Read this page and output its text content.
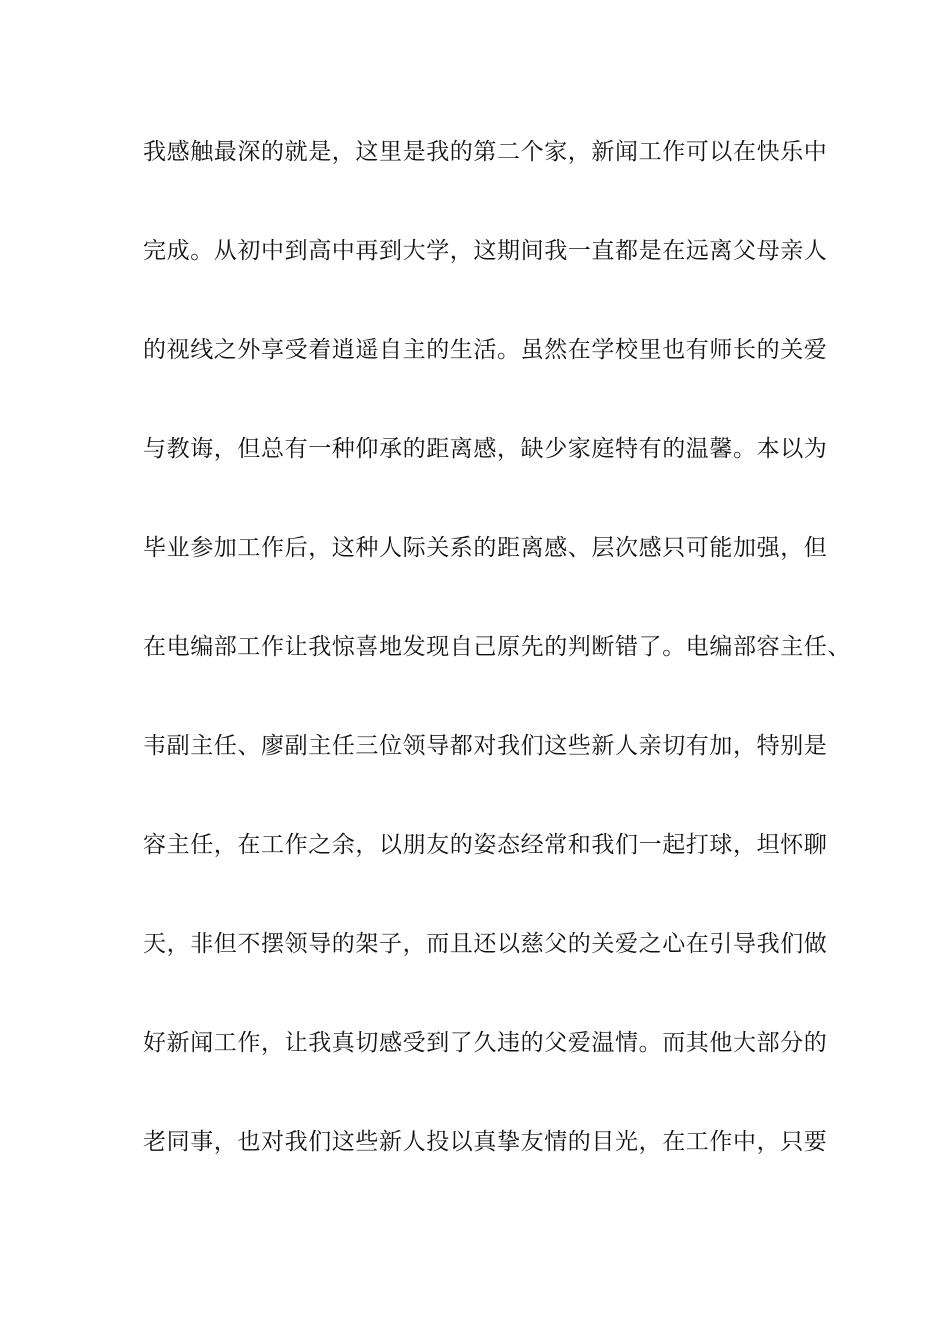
我感触最深的就是，这里是我的第二个家，新闻工作可以在快乐中
完成。从初中到高中再到大学，这期间我一直都是在远离父母亲人
的视线之外享受着逍遥自主的生活。虽然在学校里也有师长的关爱
与教诲，但总有一种仰承的距离感，缺少家庭特有的温馨。本以为
毕业参加工作后，这种人际关系的距离感、层次感只可能加强，但
在电编部工作让我惊喜地发现自己原先的判断错了。电编部容主任、
韦副主任、廖副主任三位领导都对我们这些新人亲切有加，特别是
容主任，在工作之余，以朋友的姿态经常和我们一起打球，坦怀聊
天，非但不摆领导的架子，而且还以慈父的关爱之心在引导我们做
好新闻工作，让我真切感受到了久违的父爱温情。而其他大部分的
老同事，也对我们这些新人投以真挚友情的目光，在工作中，只要
